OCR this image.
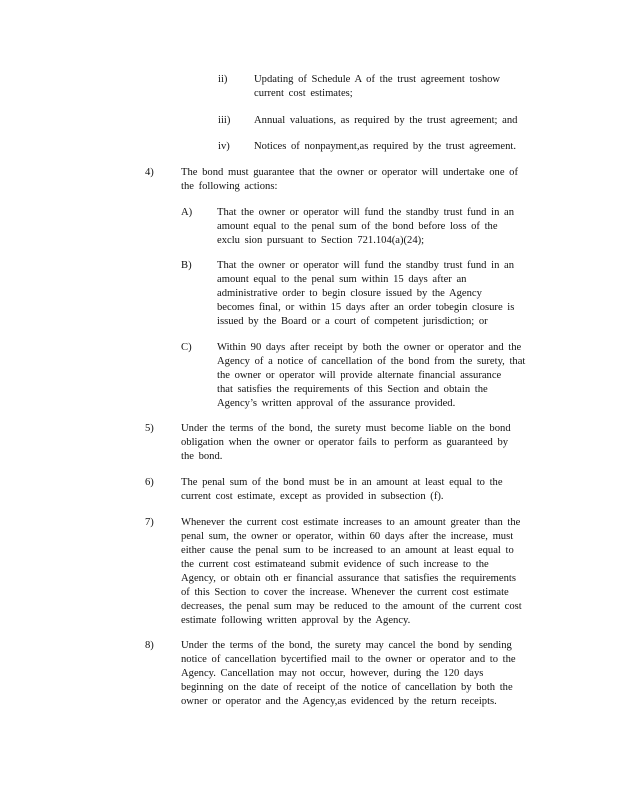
ii)	Updating of Schedule A of the trust agreement toshow
current cost estimates;
iii) Annual valuations, as required by the trust agreement; and
iv) Notices of nonpayment,as required by the trust agreement.
4)	The bond must guarantee that the owner or operator will undertake one of
the following actions:
A) That the owner or operator will fund the standby trust fund in an
amount equal to the penal sum of the bond before loss of the
exclu sion pursuant to Section 721.104(a)(24);
B) That the owner or operator will fund the standby trust fund in an
amount equal to the penal sum within 15 days after an
administrative order to begin closure issued by the Agency
becomes final, or within 15 days after an order tobegin closure is
issued by the Board or a court of competent jurisdiction; or
C) Within 90 days after receipt by both the owner or operator and the
Agency of a notice of cancellation of the bond from the surety, that
the owner or operator will provide alternate financial assurance
that satisfies the requirements of this Section and obtain the
Agency’s written approval of the assurance provided.
5)	Under the terms of the bond, the surety must become liable on the bond
obligation when the owner or operator fails to perform as guaranteed by
the bond.
6)	The penal sum of the bond must be in an amount at least equal to the
current cost estimate, except as provided in subsection (f).
7)	Whenever the current cost estimate increases to an amount greater than the
penal sum, the owner or operator, within 60 days after the increase, must
either cause the penal sum to be increased to an amount at least equal to
the current cost estimateand submit evidence of such increase to the
Agency, or obtain oth er financial assurance that satisfies the requirements
of this Section to cover the increase. Whenever the current cost estimate
decreases, the penal sum may be reduced to the amount of the current cost
estimate following written approval by the Agency.
8)	Under the terms of the bond, the surety may cancel the bond by sending
notice of cancellation bycertified mail to the owner or operator and to the
Agency. Cancellation may not occur, however, during the 120 days
beginning on the date of receipt of the notice of cancellation by both the
owner or operator and the Agency,as evidenced by the return receipts.
